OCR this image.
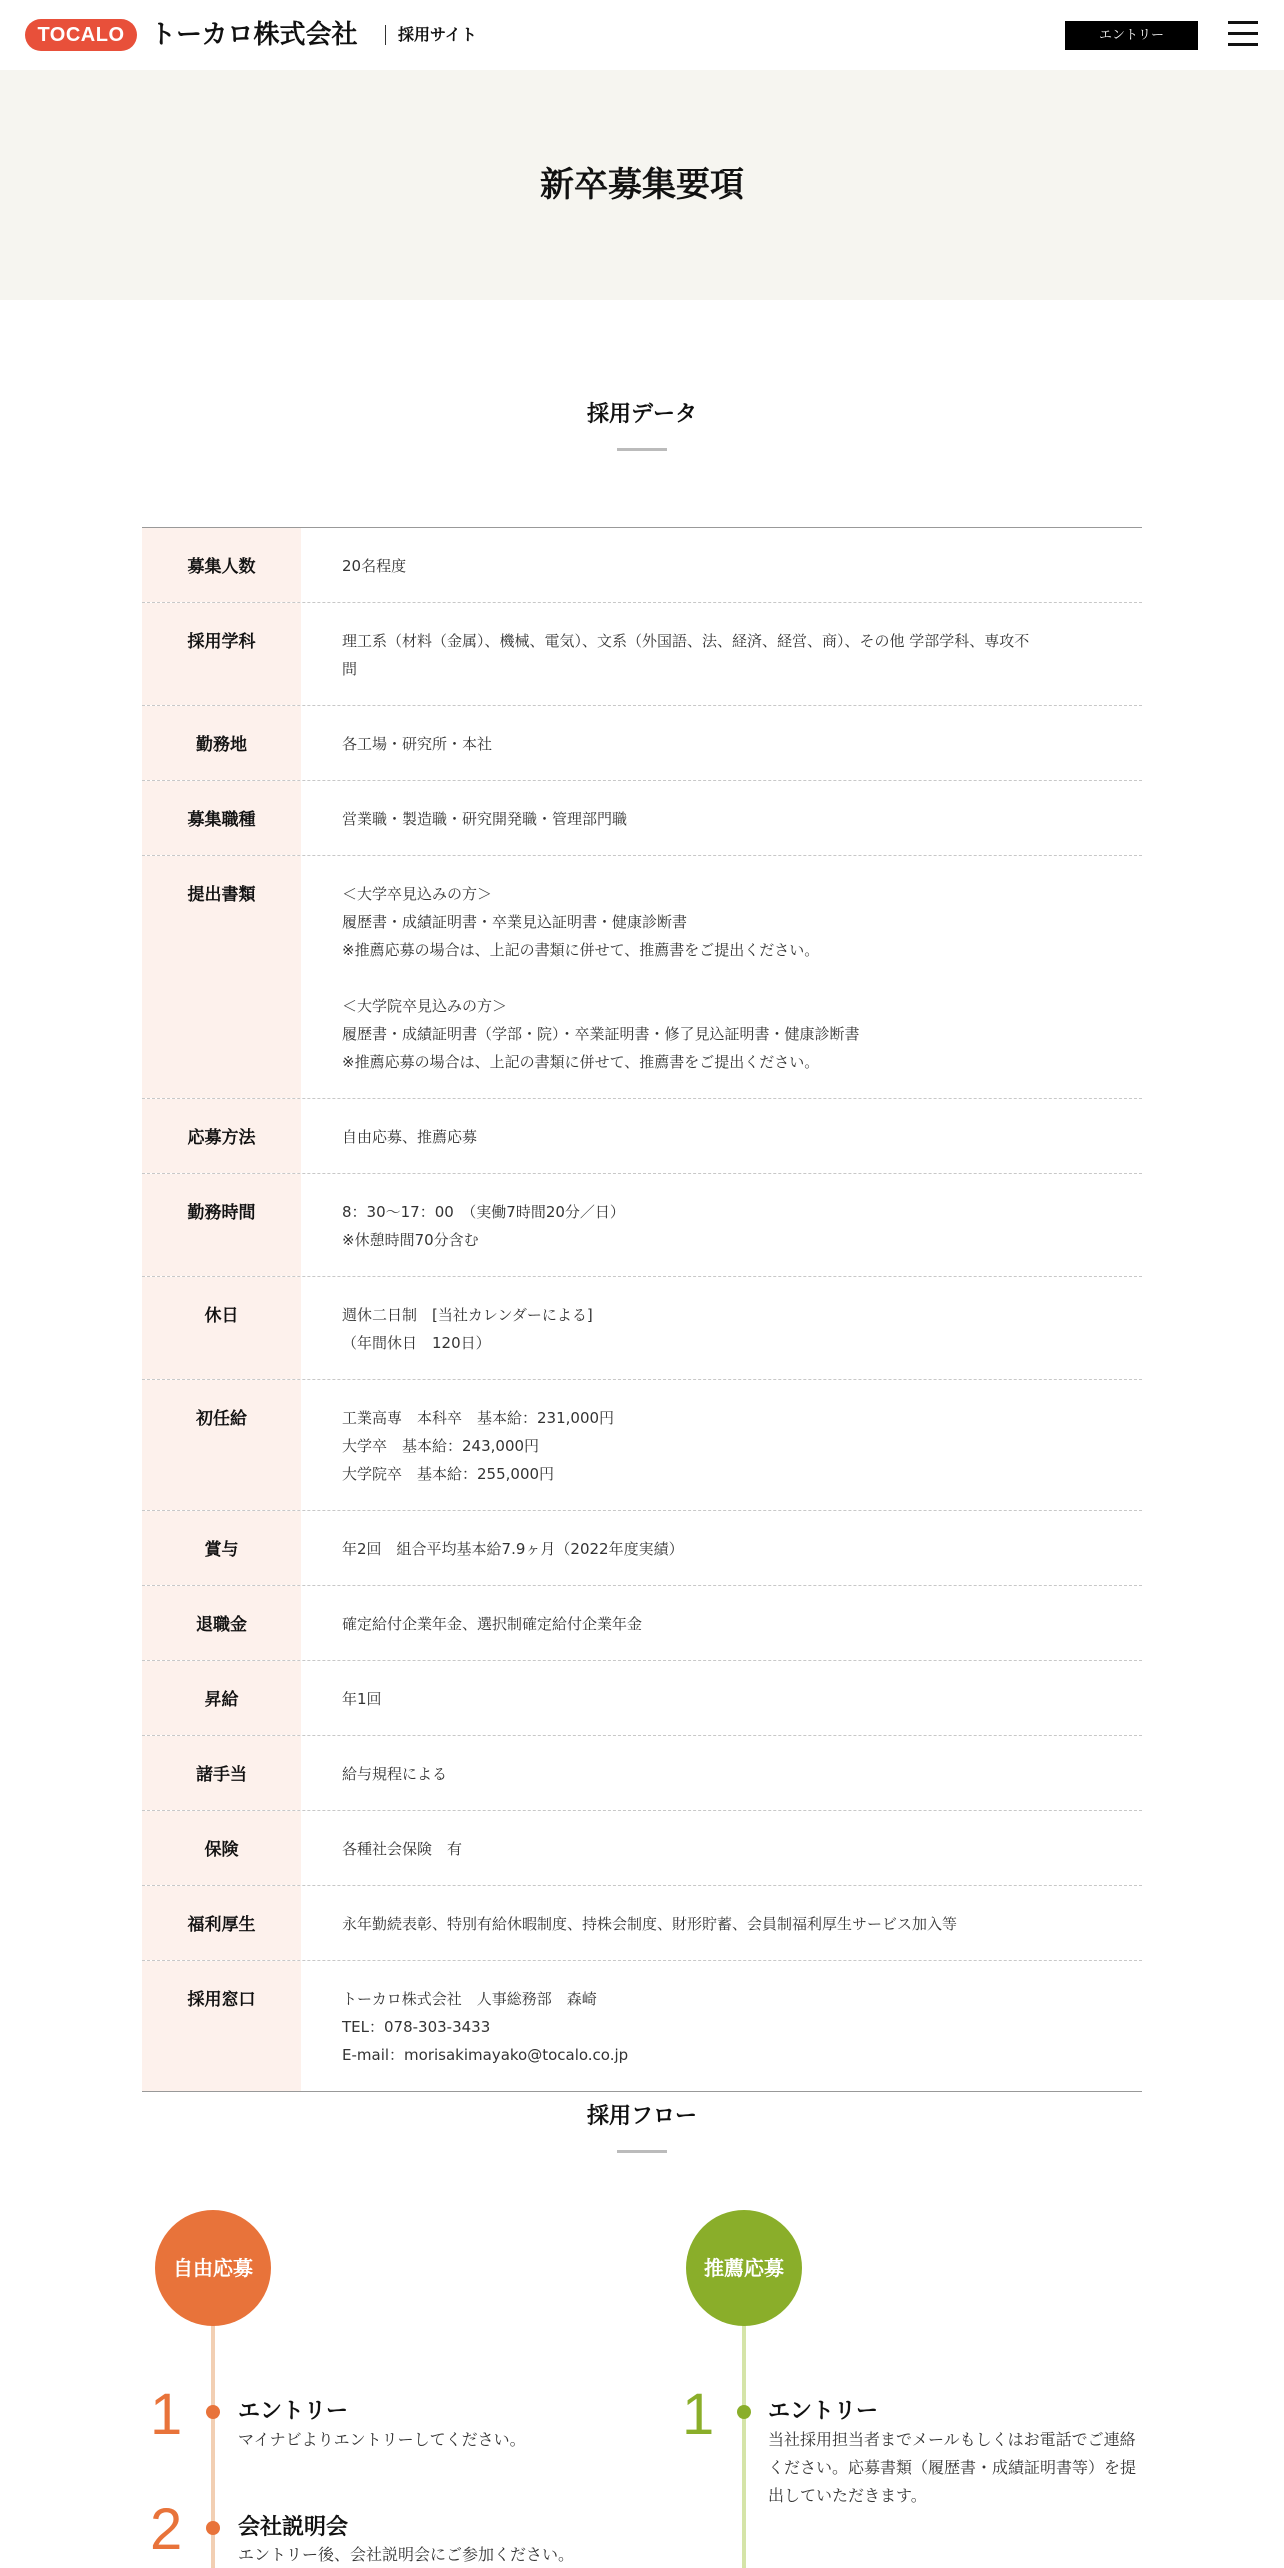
TOCALO トーカロ株式会社	採用サイト	エントリー
新卒募集要項
採用データ
募集人数	20名程度
採用学科	理工系（材料（金属）、機械、電気）、文系（外国語、法、経済、経営、商）、その他 学部学科、専攻不
問
勤務地	各工場・研究所・本社
募集職種	営業職・製造職・研究開発職・管理部門職
提出書類	＜大学卒見込みの方＞
履歴書・成績証明書・卒業見込証明書・健康診断書
※推薦応募の場合は、上記の書類に併せて、推薦書をご提出ください。
＜大学院卒見込みの方＞
履歴書・成績証明書（学部・院）・卒業証明書・修了見込証明書・健康診断書
※推薦応募の場合は、上記の書類に併せて、推薦書をご提出ください。
応募方法	自由応募、推薦応募
勤務時間	8：30〜17：00　（実働7時間20分／日）
※休憩時間70分含む
休日	週休二日制　[当社カレンダーによる]
（年間休日　120日）
初任給	工業高専　本科卒　基本給：231,000円
大学卒　基本給：243,000円
大学院卒　基本給：255,000円
賞与	年2回　組合平均基本給7.9ヶ月（2022年度実績）
退職金	確定給付企業年金、選択制確定給付企業年金
昇給	年1回
諸手当	給与規程による
保険	各種社会保険　有
福利厚生	永年勤続表彰、特別有給休暇制度、持株会制度、財形貯蓄、会員制福利厚生サービス加入等
採用窓口	トーカロ株式会社　人事総務部　森崎
TEL：078-303-3433
E-mail：morisakimayako@tocalo.co.jp
採用フロー
自由応募
1	エントリー
マイナビよりエントリーしてください。
2	会社説明会
エントリー後、会社説明会にご参加ください。
推薦応募
1 エントリー
当社採用担当者までメールもしくはお電話でご連絡
ください。応募書類（履歴書・成績証明書等）を提
出していただきます。
